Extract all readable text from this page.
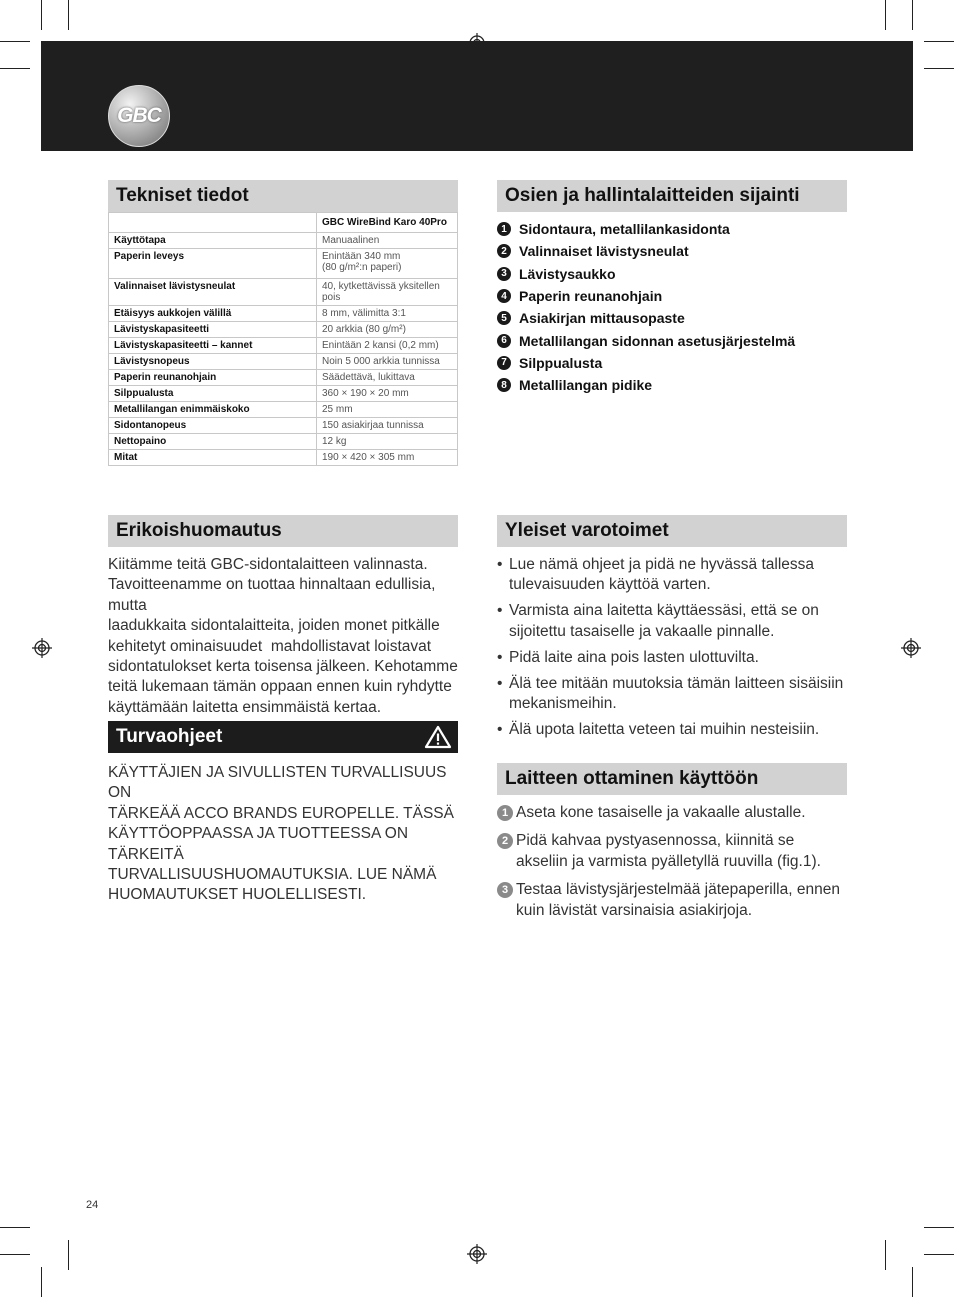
GBC
Tekniset tiedot
	GBC WireBind Karo 40Pro
Käyttötapa	Manuaalinen
Paperin leveys	Enintään 340 mm
(80 g/m²:n paperi)

Valinnaiset lävistysneulat	40, kytkettävissä yksitellen pois
Etäisyys aukkojen välillä	8 mm, välimitta 3:1
Lävistyskapasiteetti	20 arkkia (80 g/m²)
Lävistyskapasiteetti – kannet	Enintään 2 kansi (0,2 mm)
Lävistysnopeus	Noin 5 000 arkkia tunnissa
Paperin reunanohjain	Säädettävä, lukittava
Silppualusta	360 × 190 × 20 mm
Metallilangan enimmäiskoko	25 mm
Sidontanopeus	150 asiakirjaa tunnissa
Nettopaino	12 kg
Mitat	190 × 420 × 305 mm
Osien ja hallintalaitteiden sijainti
1 Sidontaura, metallilankasidonta
2 Valinnaiset lävistysneulat
3 Lävistysaukko
4 Paperin reunanohjain
5 Asiakirjan mittausopaste
6 Metallilangan sidonnan asetusjärjestelmä
7 Silppualusta
8 Metallilangan pidike
Erikoishuomautus
Kiitämme teitä GBC-sidontalaitteen valinnasta.
Tavoitteenamme on tuottaa hinnaltaan edullisia, mutta
laadukkaita sidontalaitteita, joiden monet pitkälle
kehitetyt ominaisuudet  mahdollistavat loistavat
sidontatulokset kerta toisensa jälkeen. Kehotamme
teitä lukemaan tämän oppaan ennen kuin ryhdytte
käyttämään laitetta ensimmäistä kertaa.
Turvaohjeet
KÄYTTÄJIEN JA SIVULLISTEN TURVALLISUUS ON
TÄRKEÄÄ ACCO BRANDS EUROPELLE. TÄSSÄ
KÄYTTÖOPPAASSA JA TUOTTEESSA ON TÄRKEITÄ
TURVALLISUUSHUOMAUTUKSIA. LUE NÄMÄ
HUOMAUTUKSET HUOLELLISESTI.
Yleiset varotoimet
• Lue nämä ohjeet ja pidä ne hyvässä tallessa tulevaisuuden käyttöä varten.
• Varmista aina laitetta käyttäessäsi, että se on sijoitettu tasaiselle ja vakaalle pinnalle.
• Pidä laite aina pois lasten ulottuvilta.
• Älä tee mitään muutoksia tämän laitteen sisäisiin mekanismeihin.
• Älä upota laitetta veteen tai muihin nesteisiin.
Laitteen ottaminen käyttöön
1 Aseta kone tasaiselle ja vakaalle alustalle.
2 Pidä kahvaa pystyasennossa, kiinnitä se akseliin ja varmista pyälletyllä ruuvilla (fig.1).
3 Testaa lävistysjärjestelmää jätepaperilla, ennen kuin lävistät varsinaisia asiakirjoja.
24
